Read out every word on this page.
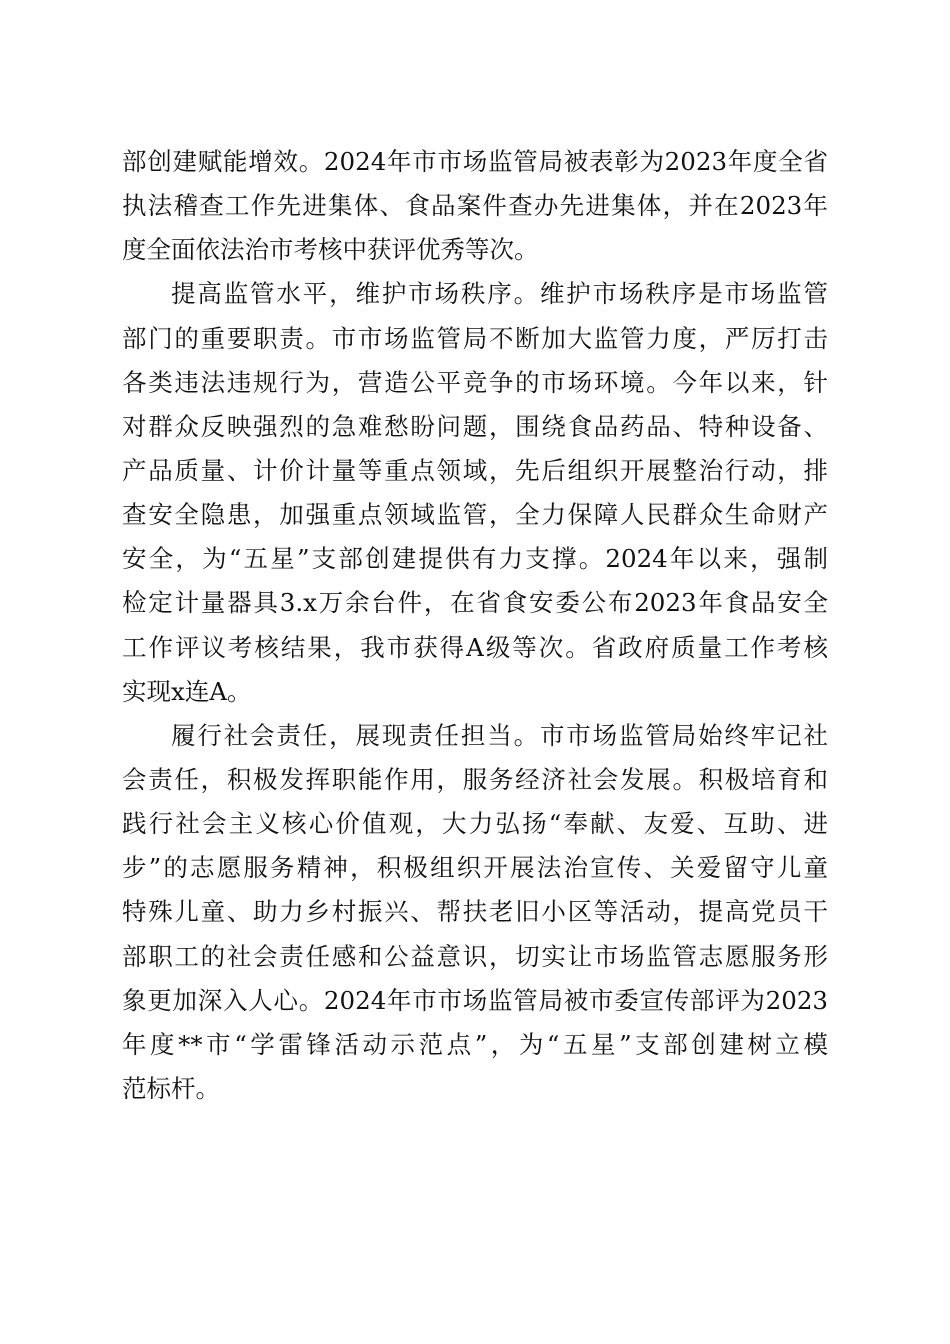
部创建赋能增效。2024年市市场监管局被表彰为2023年度全省
执法稽查工作先进集体、食品案件查办先进集体，并在2023年
度全面依法治市考核中获评优秀等次。
提高监管水平，维护市场秩序。维护市场秩序是市场监管
部门的重要职责。市市场监管局不断加大监管力度，严厉打击
各类违法违规行为，营造公平竞争的市场环境。今年以来，针
对群众反映强烈的急难愁盼问题，围绕食品药品、特种设备、
产品质量、计价计量等重点领域，先后组织开展整治行动，排
查安全隐患，加强重点领域监管，全力保障人民群众生命财产
安全，为“五星”支部创建提供有力支撑。2024年以来，强制
检定计量器具3.x万余台件，在省食安委公布2023年食品安全
工作评议考核结果，我市获得A级等次。省政府质量工作考核
实现x连A。
履行社会责任，展现责任担当。市市场监管局始终牢记社
会责任，积极发挥职能作用，服务经济社会发展。积极培育和
践行社会主义核心价值观，大力弘扬“奉献、友爱、互助、进
步”的志愿服务精神，积极组织开展法治宣传、关爱留守儿童
特殊儿童、助力乡村振兴、帮扶老旧小区等活动，提高党员干
部职工的社会责任感和公益意识，切实让市场监管志愿服务形
象更加深入人心。2024年市市场监管局被市委宣传部评为2023
年度**市“学雷锋活动示范点”，为“五星”支部创建树立模
范标杆。
